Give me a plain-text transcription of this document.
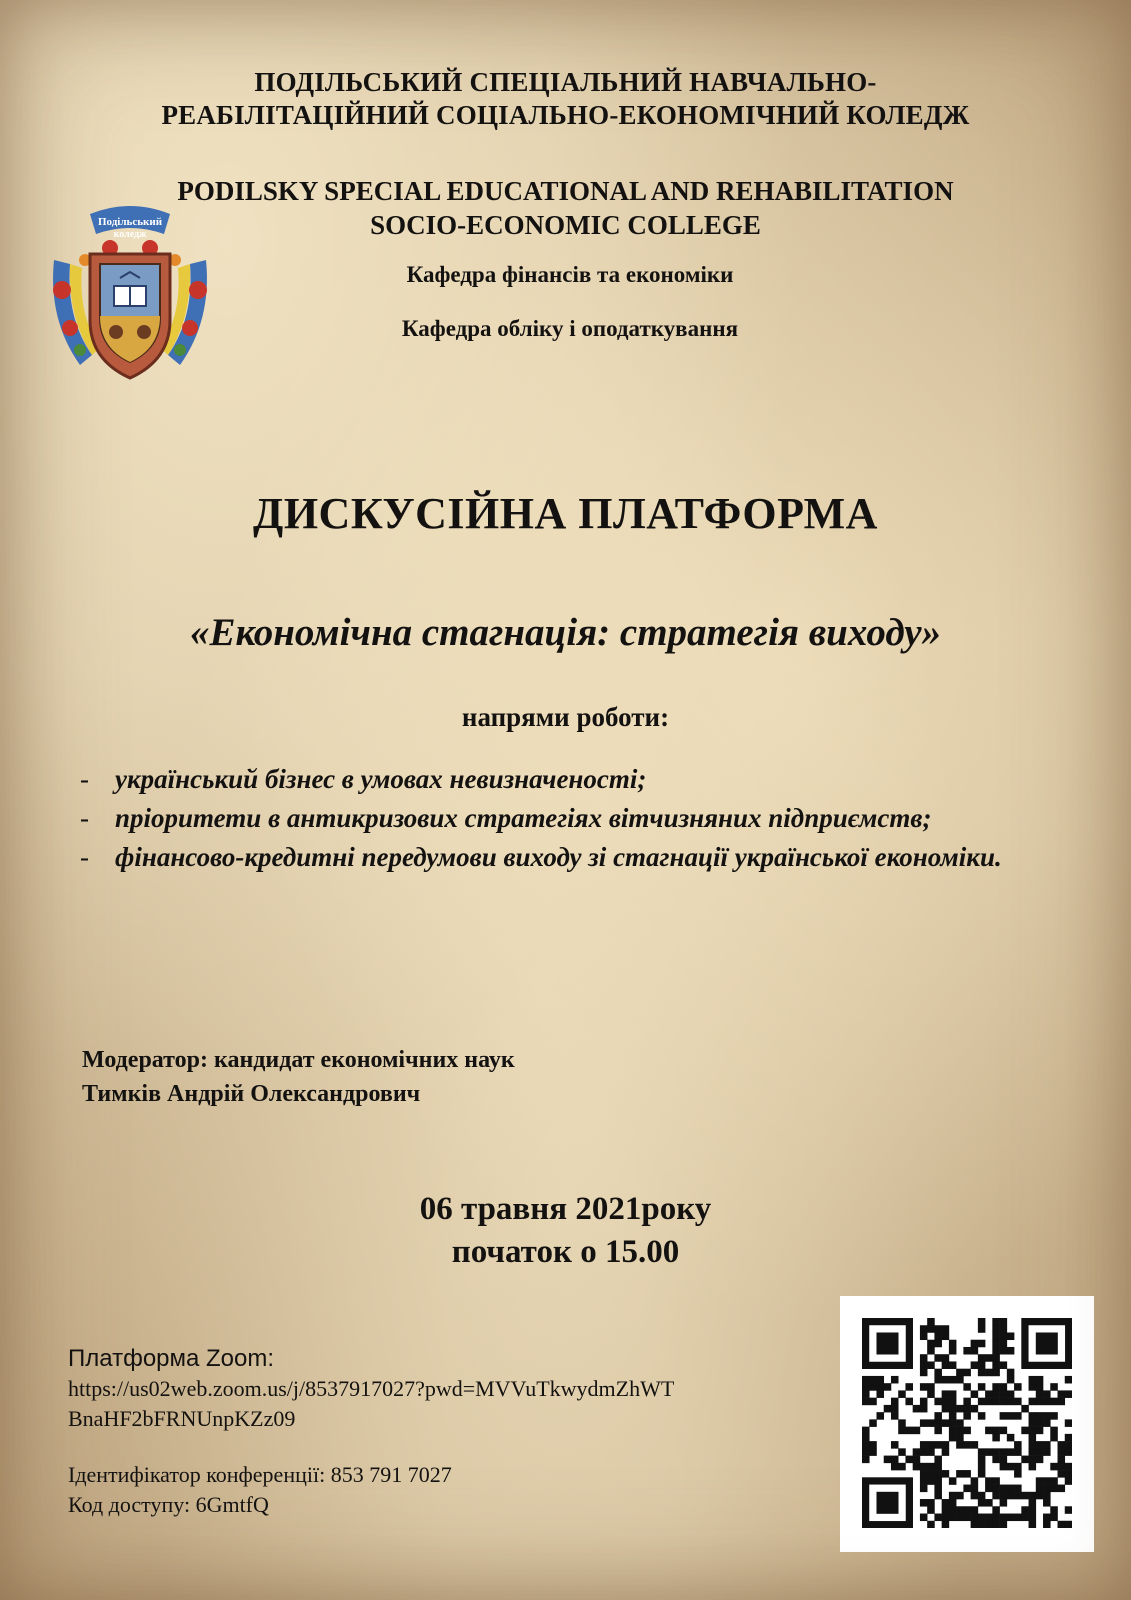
ПОДІЛЬСЬКИЙ СПЕЦІАЛЬНИЙ НАВЧАЛЬНО-
РЕАБІЛІТАЦІЙНИЙ СОЦІАЛЬНО-ЕКОНОМІЧНИЙ КОЛЕДЖ
PODILSKY SPECIAL EDUCATIONAL AND REHABILITATION
SOCIO-ECONOMIC COLLEGE
Кафедра фінансів та економіки
Кафедра обліку і оподаткування
Подільський
коледж
ДИСКУСІЙНА ПЛАТФОРМА
«Економічна стагнація: стратегія виходу»
напрями роботи:
- українcький бізнес в умовах невизначеності;
- пріоритети в антикризових стратегіях вітчизняних підприємств;
- фінансово-кредитні передумови виходу зі стагнації української економіки.
Модератор: кандидат економічних наук
Тимків Андрій Олександрович
06 травня 2021року
початок о 15.00
Платформа Zoom:
https://us02web.zoom.us/j/8537917027?pwd=MVVuTkwydmZhWT
BnaHF2bFRNUnpKZz09
Ідентифікатор конференції: 853 791 7027
Код доступу: 6GmtfQ
